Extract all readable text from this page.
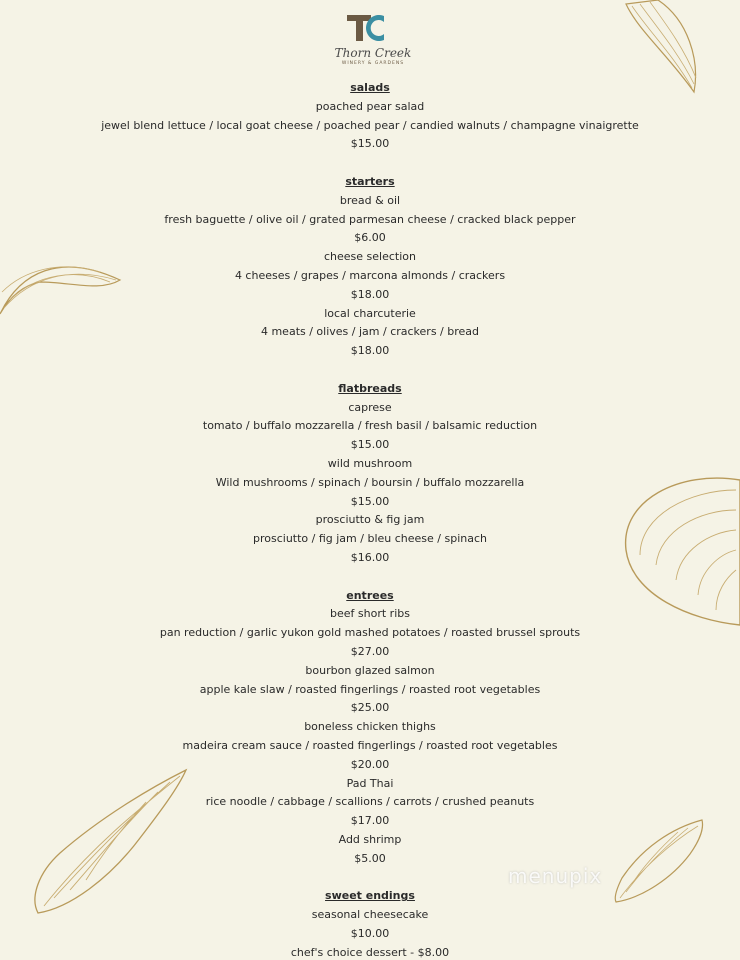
Thorn Creek
WINERY & GARDENS
salads
poached pear salad
jewel blend lettuce / local goat cheese / poached pear / candied walnuts / champagne vinaigrette
$15.00
starters
bread & oil
fresh baguette / olive oil / grated parmesan cheese / cracked black pepper
$6.00
cheese selection
4 cheeses / grapes / marcona almonds / crackers
$18.00
local charcuterie
4 meats / olives / jam / crackers / bread
$18.00
flatbreads
caprese
tomato / buffalo mozzarella / fresh basil / balsamic reduction
$15.00
wild mushroom
Wild mushrooms / spinach / boursin / buffalo mozzarella
$15.00
prosciutto & fig jam
prosciutto / fig jam / bleu cheese / spinach
$16.00
entrees
beef short ribs
pan reduction / garlic yukon gold mashed potatoes / roasted brussel sprouts
$27.00
bourbon glazed salmon
apple kale slaw / roasted fingerlings / roasted root vegetables
$25.00
boneless chicken thighs
madeira cream sauce / roasted fingerlings / roasted root vegetables
$20.00
Pad Thai
rice noodle / cabbage / scallions / carrots / crushed peanuts
$17.00
Add shrimp
$5.00
sweet endings
seasonal cheesecake
$10.00
chef's choice dessert - $8.00
menupix
